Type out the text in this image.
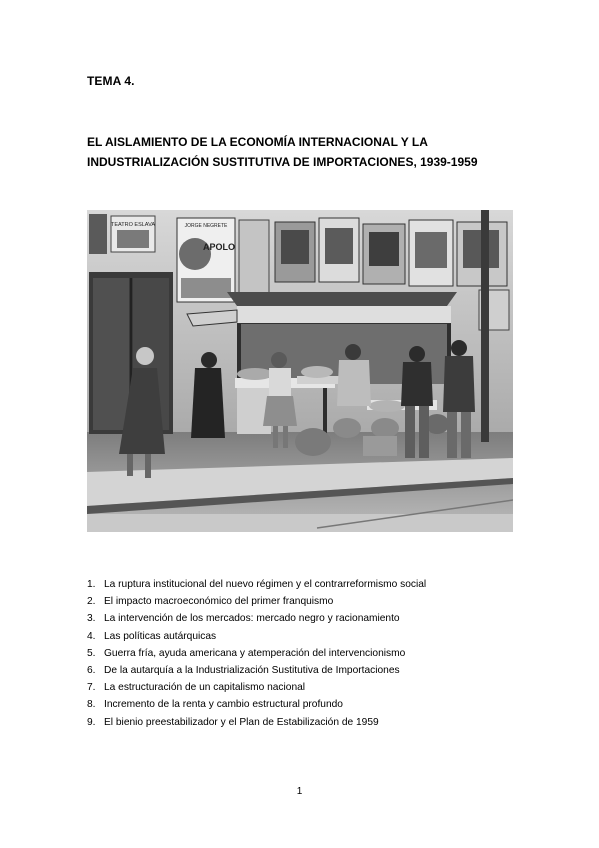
TEMA 4.

EL AISLAMIENTO DE LA ECONOMÍA INTERNACIONAL Y LA
INDUSTRIALIZACIÓN SUSTITUTIVA DE IMPORTACIONES, 1939-1959
TEATRO ESLAVA	JORGE NEGRETE
APOLO
1. La ruptura institucional del nuevo régimen y el contrarreformismo social
2. El impacto macroeconómico del primer franquismo
3. La intervención de los mercados: mercado negro y racionamiento
4. Las políticas autárquicas
5. Guerra fría, ayuda americana y atemperación del intervencionismo
6. De la autarquía a la Industrialización Sustitutiva de Importaciones
7. La estructuración de un capitalismo nacional
8. Incremento de la renta y cambio estructural profundo
9. El bienio preestabilizador y el Plan de Estabilización de 1959
1
